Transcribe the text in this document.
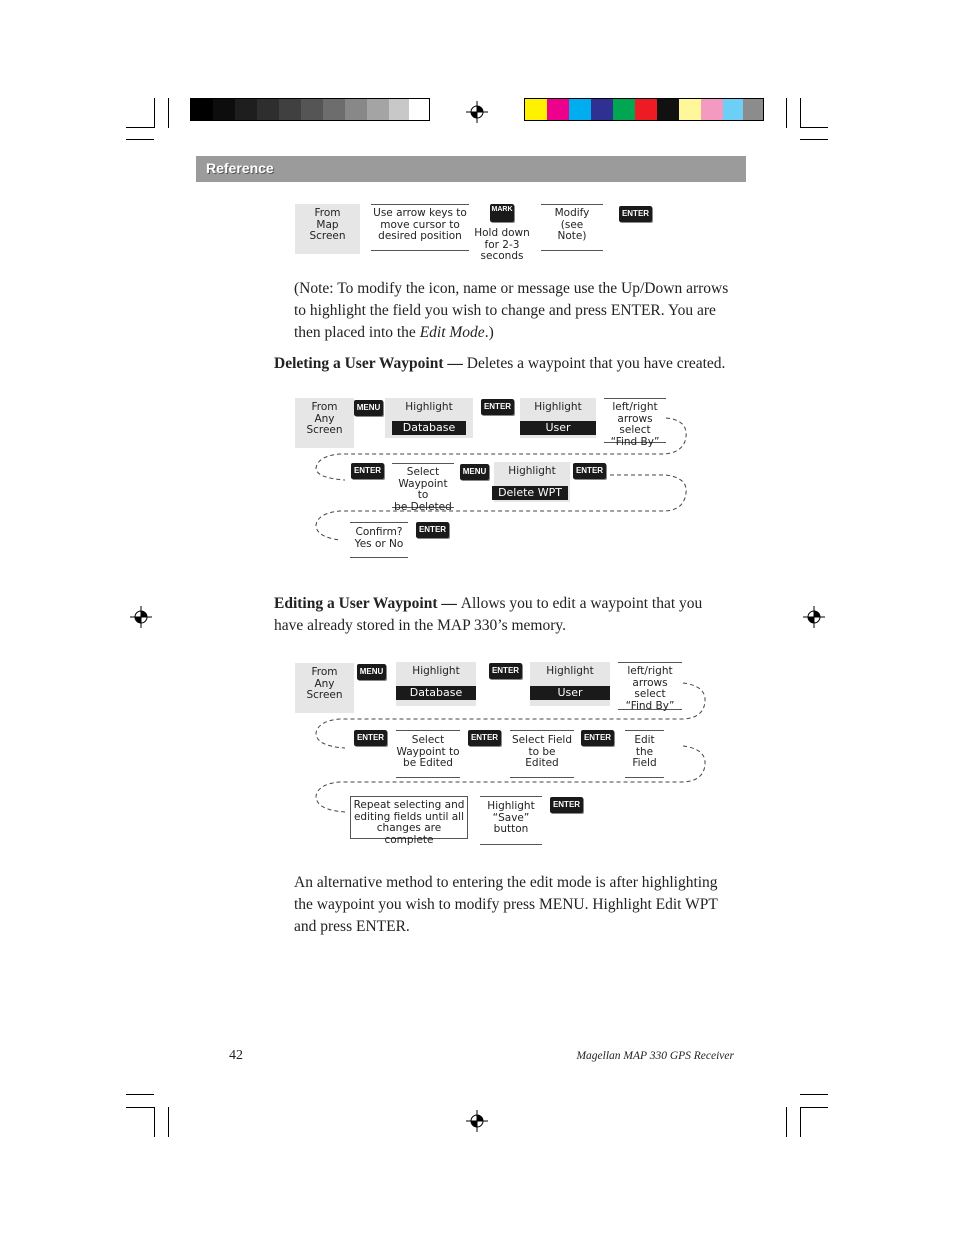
Reference
From
Map
Screen
Use arrow keys to
move cursor to
desired position
MARK
Hold down
for 2-3
seconds
Modify
(see
Note)
ENTER
(Note: To modify the icon, name or message use the Up/Down arrows to highlight the field you wish to change and press ENTER. You are then placed into the Edit Mode.)
Deleting a User Waypoint — Deletes a waypoint that you have created.
From
Any
Screen
MENU	Highlight
Database
ENTER	Highlight
User
left/right
arrows select
“Find By”
ENTER	Select
Waypoint to
be Deleted
MENU	Highlight
Delete WPT
ENTER
Confirm?
Yes or No
ENTER
Editing a User Waypoint — Allows you to edit a waypoint that you have already stored in the MAP 330’s memory.
From
Any
Screen
MENU	Highlight
Database
ENTER	Highlight
User
left/right
arrows select
“Find By”
ENTER	Select
Waypoint to
be Edited
ENTER Select Field
to be
Edited
ENTER	Edit
the
Field
Repeat selecting and
editing fields until all
changes are complete
Highlight
“Save”
button
ENTER
An alternative method to entering the edit mode is after highlighting the waypoint you wish to modify press MENU. Highlight Edit WPT and press ENTER.
42	Magellan MAP 330 GPS Receiver
